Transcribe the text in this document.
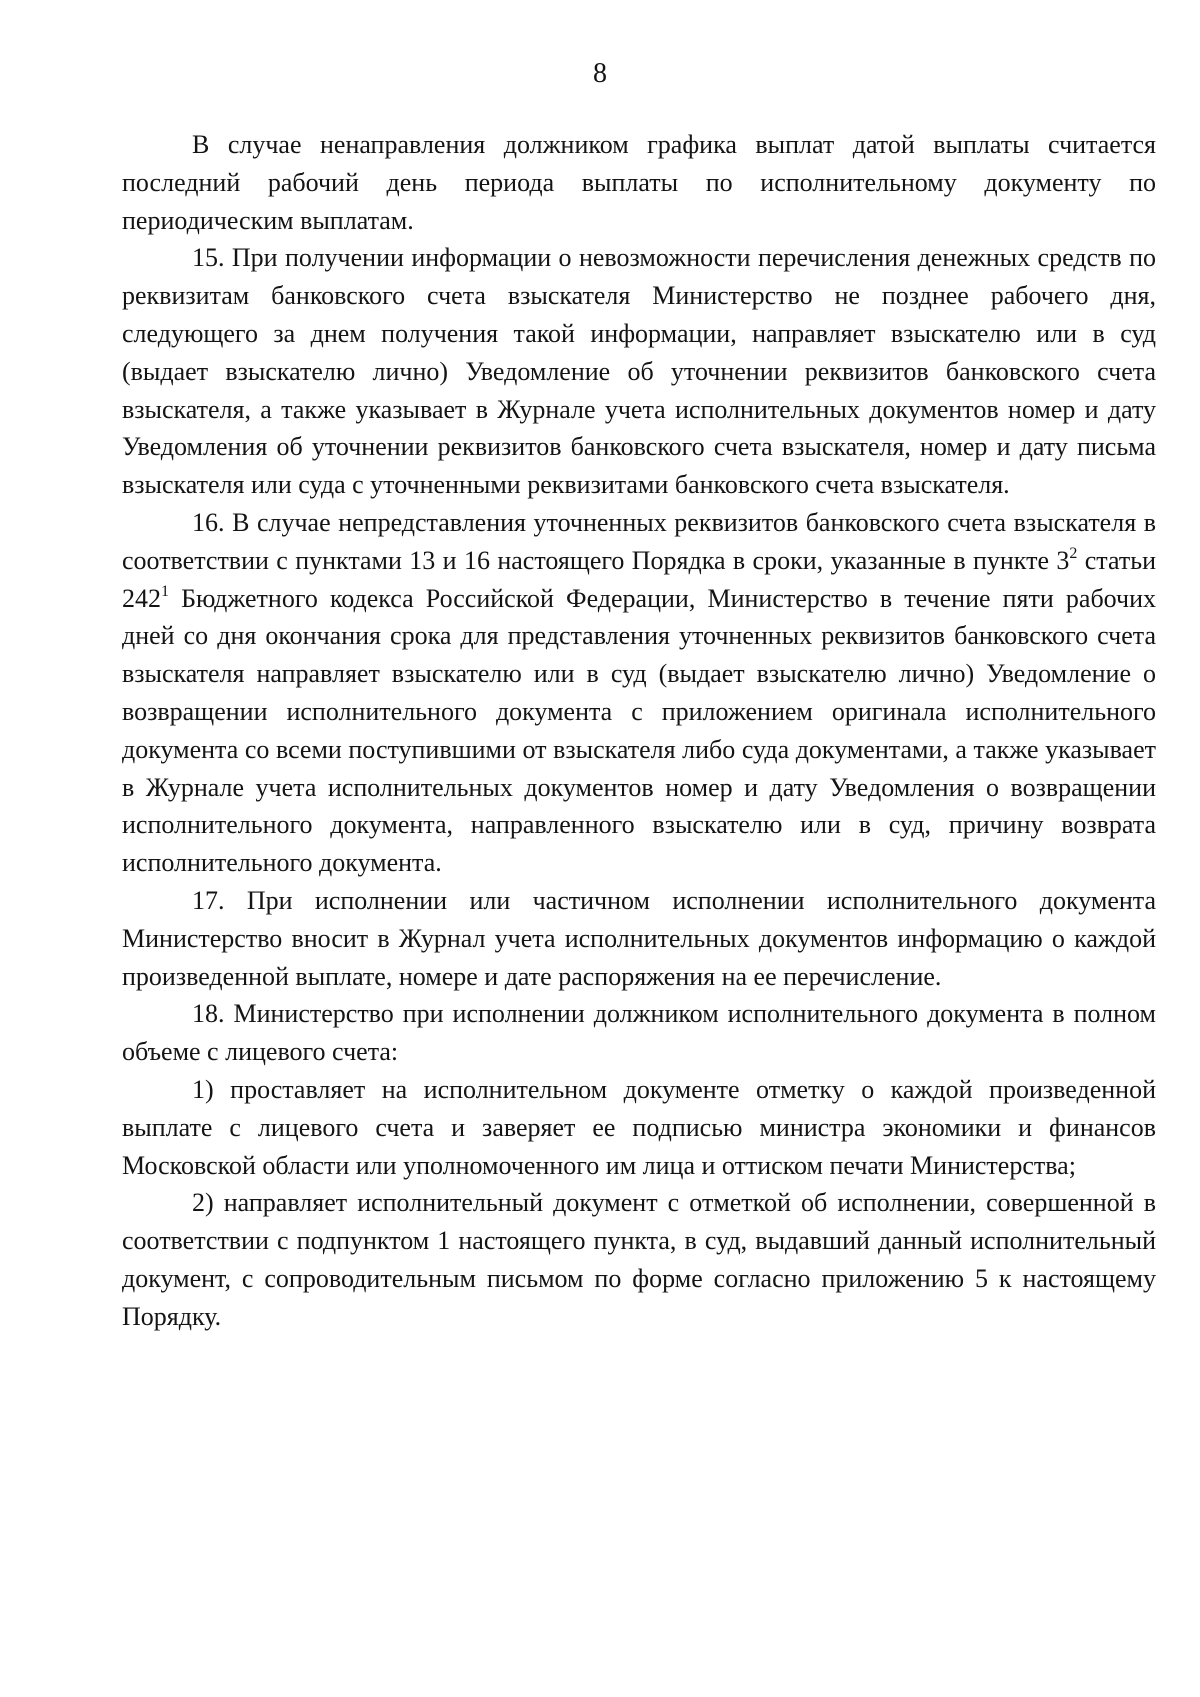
8

В случае ненаправления должником графика выплат датой выплаты считается последний рабочий день периода выплаты по исполнительному документу по периодическим выплатам.

15. При получении информации о невозможности перечисления денежных средств по реквизитам банковского счета взыскателя Министерство не позднее рабочего дня, следующего за днем получения такой информации, направляет взыскателю или в суд (выдает взыскателю лично) Уведомление об уточнении реквизитов банковского счета взыскателя, а также указывает в Журнале учета исполнительных документов номер и дату Уведомления об уточнении реквизитов банковского счета взыскателя, номер и дату письма взыскателя или суда с уточненными реквизитами банковского счета взыскателя.

16. В случае непредставления уточненных реквизитов банковского счета взыскателя в соответствии с пунктами 13 и 16 настоящего Порядка в сроки, указанные в пункте $3^2$ статьи $242^1$ Бюджетного кодекса Российской Федерации, Министерство в течение пяти рабочих дней со дня окончания срока для представления уточненных реквизитов банковского счета взыскателя направляет взыскателю или в суд (выдает взыскателю лично) Уведомление о возвращении исполнительного документа с приложением оригинала исполнительного документа со всеми поступившими от взыскателя либо суда документами, а также указывает в Журнале учета исполнительных документов номер и дату Уведомления о возвращении исполнительного документа, направленного взыскателю или в суд, причину возврата исполнительного документа.

17. При исполнении или частичном исполнении исполнительного документа Министерство вносит в Журнал учета исполнительных документов информацию о каждой произведенной выплате, номере и дате распоряжения на ее перечисление.

18. Министерство при исполнении должником исполнительного документа в полном объеме с лицевого счета:

1) проставляет на исполнительном документе отметку о каждой произведенной выплате с лицевого счета и заверяет ее подписью министра экономики и финансов Московской области или уполномоченного им лица и оттиском печати Министерства;

2) направляет исполнительный документ с отметкой об исполнении, совершенной в соответствии с подпунктом 1 настоящего пункта, в суд, выдавший данный исполнительный документ, с сопроводительным письмом по форме согласно приложению 5 к настоящему Порядку.
